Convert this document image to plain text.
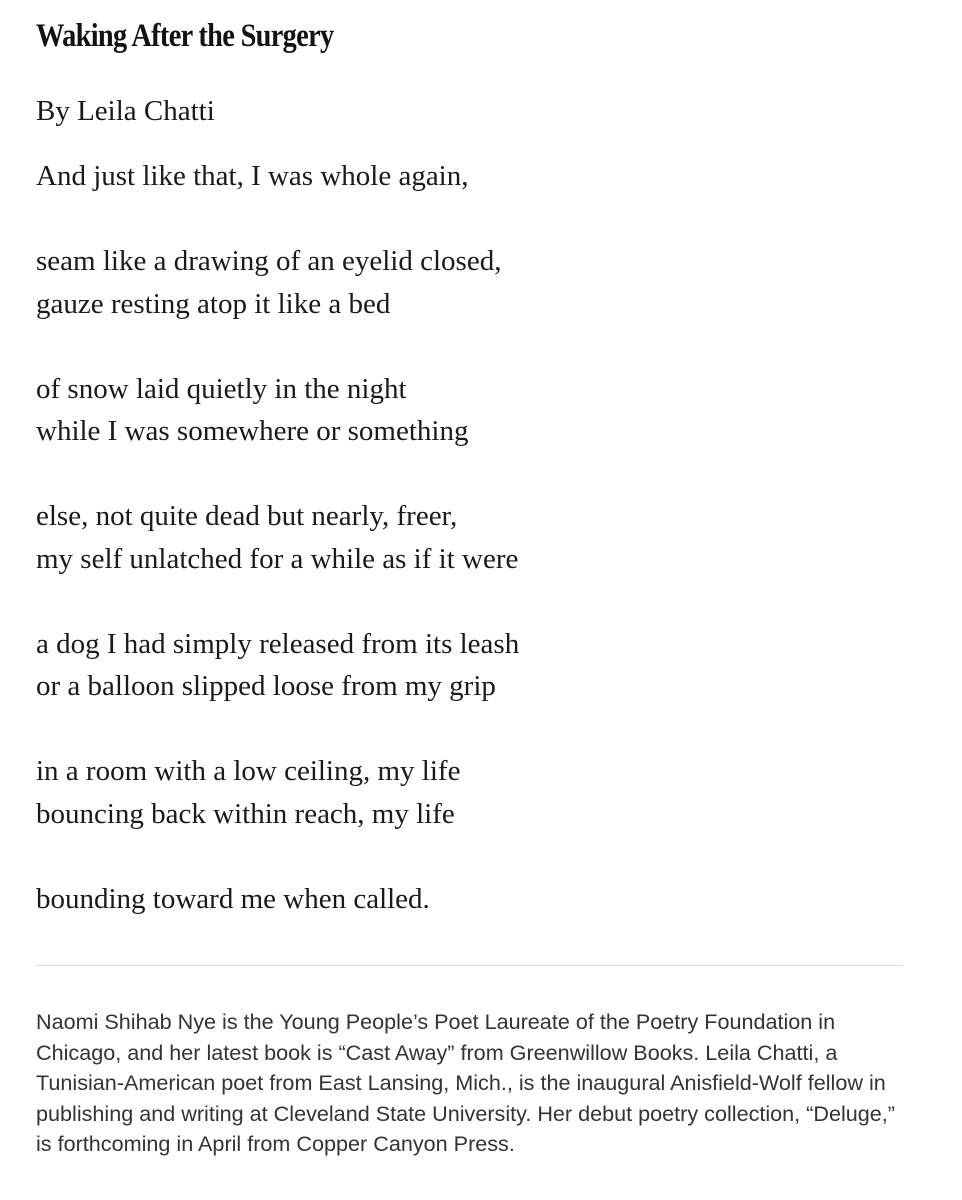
Waking After the Surgery

By Leila Chatti

And just like that, I was whole again,
seam like a drawing of an eyelid closed,
gauze resting atop it like a bed
of snow laid quietly in the night
while I was somewhere or something
else, not quite dead but nearly, freer,
my self unlatched for a while as if it were
a dog I had simply released from its leash
or a balloon slipped loose from my grip
in a room with a low ceiling, my life
bouncing back within reach, my life
bounding toward me when called.

Naomi Shihab Nye is the Young People’s Poet Laureate of the Poetry Foundation in Chicago, and her latest book is “Cast Away” from Greenwillow Books. Leila Chatti, a Tunisian-American poet from East Lansing, Mich., is the inaugural Anisfield-Wolf fellow in publishing and writing at Cleveland State University. Her debut poetry collection, “Deluge,” is forthcoming in April from Copper Canyon Press.
